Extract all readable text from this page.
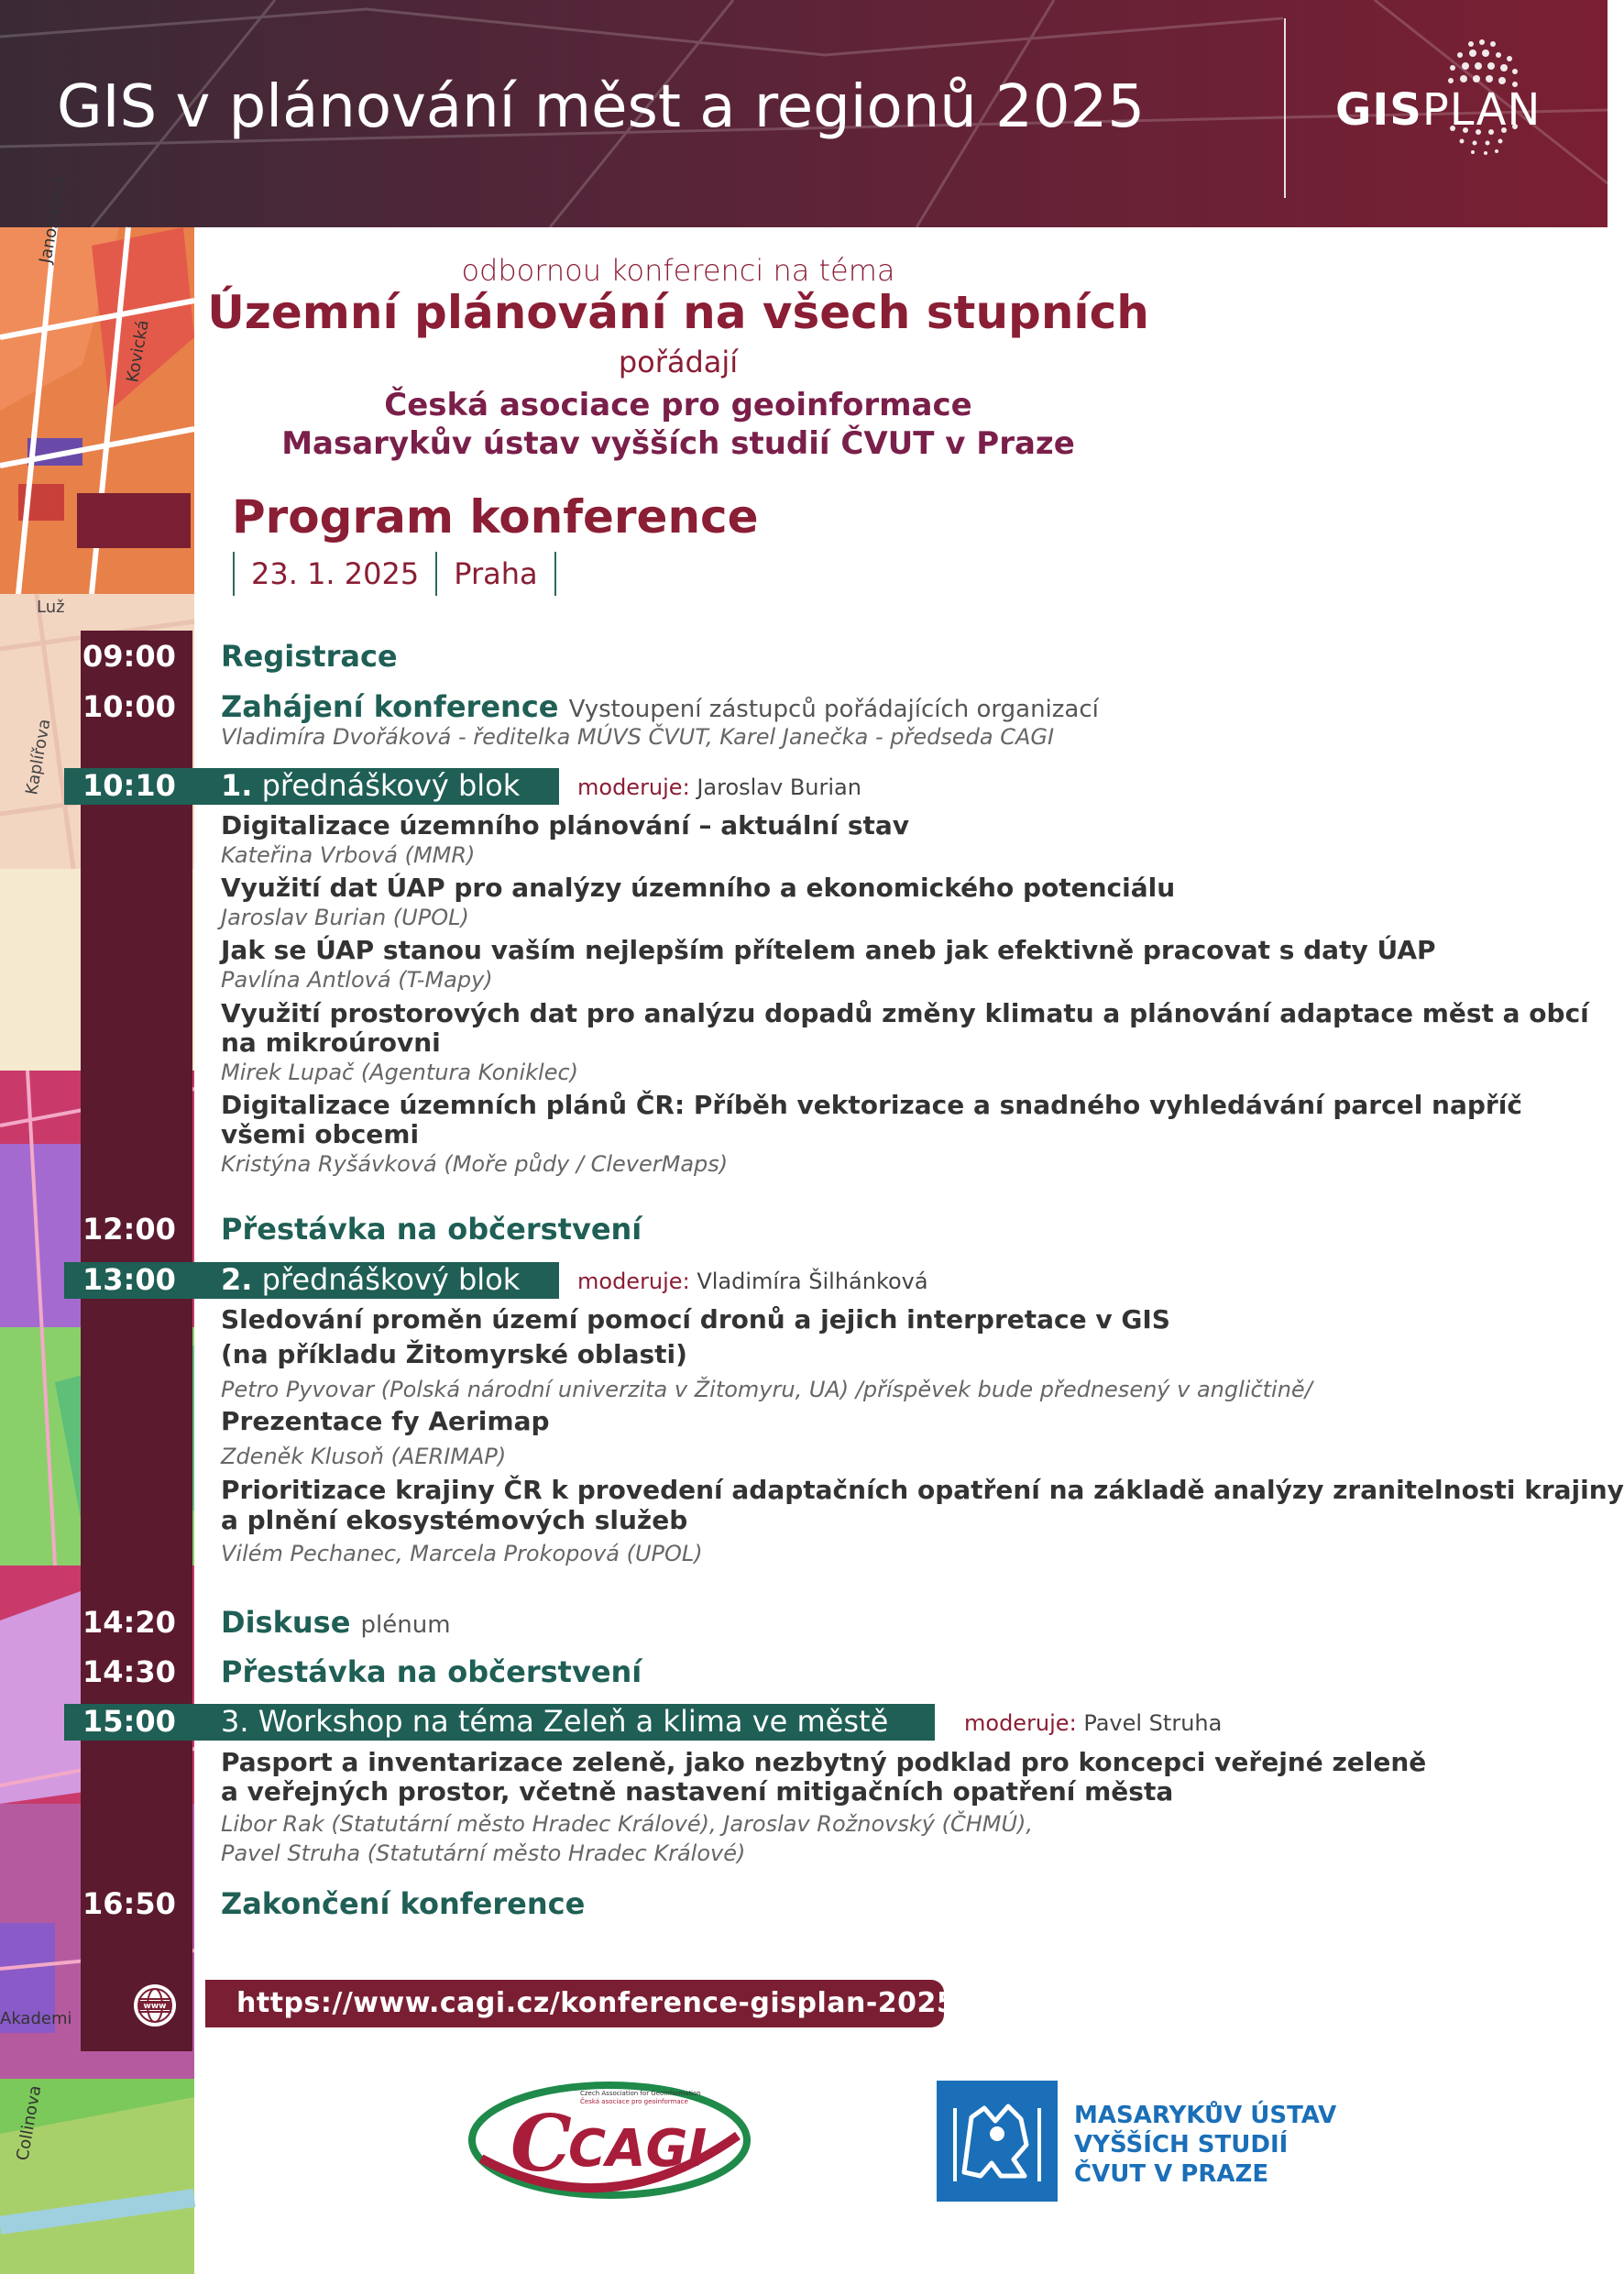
GIS v plánování měst a regionů 2025	GISPLAN
Janošíkova
Kovická
Luž
Kaplířova
Akademi
Collinova
odbornou konferenci na téma
Územní plánování na všech stupních
pořádají
Česká asociace pro geoinformace
Masarykův ústav vyšších studií ČVUT v Praze
Program konference
23. 1. 2025	Praha
09:00 Registrace
10:00 Zahájení konference Vystoupení zástupců pořádajících organizací
Vladimíra Dvořáková - ředitelka MÚVS ČVUT, Karel Janečka - předseda CAGI
10:10 1. přednáškový blok	moderuje: Jaroslav Burian
Digitalizace územního plánování – aktuální stav
Kateřina Vrbová (MMR)
Využití dat ÚAP pro analýzy územního a ekonomického potenciálu
Jaroslav Burian (UPOL)
Jak se ÚAP stanou vaším nejlepším přítelem aneb jak efektivně pracovat s daty ÚAP
Pavlína Antlová (T-Mapy)
Využití prostorových dat pro analýzu dopadů změny klimatu a plánování adaptace měst a obcí
na mikroúrovni
Mirek Lupač (Agentura Koniklec)
Digitalizace územních plánů ČR: Příběh vektorizace a snadného vyhledávání parcel napříč
všemi obcemi
Kristýna Ryšávková (Moře půdy / CleverMaps)
12:00 Přestávka na občerstvení
13:00 2. přednáškový blok	moderuje: Vladimíra Šilhánková
Sledování proměn území pomocí dronů a jejich interpretace v GIS
(na příkladu Žitomyrské oblasti)
Petro Pyvovar (Polská národní univerzita v Žitomyru, UA) /příspěvek bude přednesený v angličtině/
Prezentace fy Aerimap
Zdeněk Klusoň (AERIMAP)
Prioritizace krajiny ČR k provedení adaptačních opatření na základě analýzy zranitelnosti krajiny
a plnění ekosystémových služeb
Vilém Pechanec, Marcela Prokopová (UPOL)
14:20 Diskuse plénum
14:30 Přestávka na občerstvení
15:00 3. Workshop na téma Zeleň a klima ve městě	moderuje: Pavel Struha
Pasport a inventarizace zeleně, jako nezbytný podklad pro koncepci veřejné zeleně
a veřejných prostor, včetně nastavení mitigačních opatření města
Libor Rak (Statutární město Hradec Králové), Jaroslav Rožnovský (ČHMÚ),
Pavel Struha (Statutární město Hradec Králové)
16:50 Zakončení konference
www	https://www.cagi.cz/konference-gisplan-2025
C
CAGI
Czech Association for Geoinformation
Česká asociace pro geoinformace	MASARYKŮV ÚSTAV
VYŠŠÍCH STUDIÍ
ČVUT V PRAZE
